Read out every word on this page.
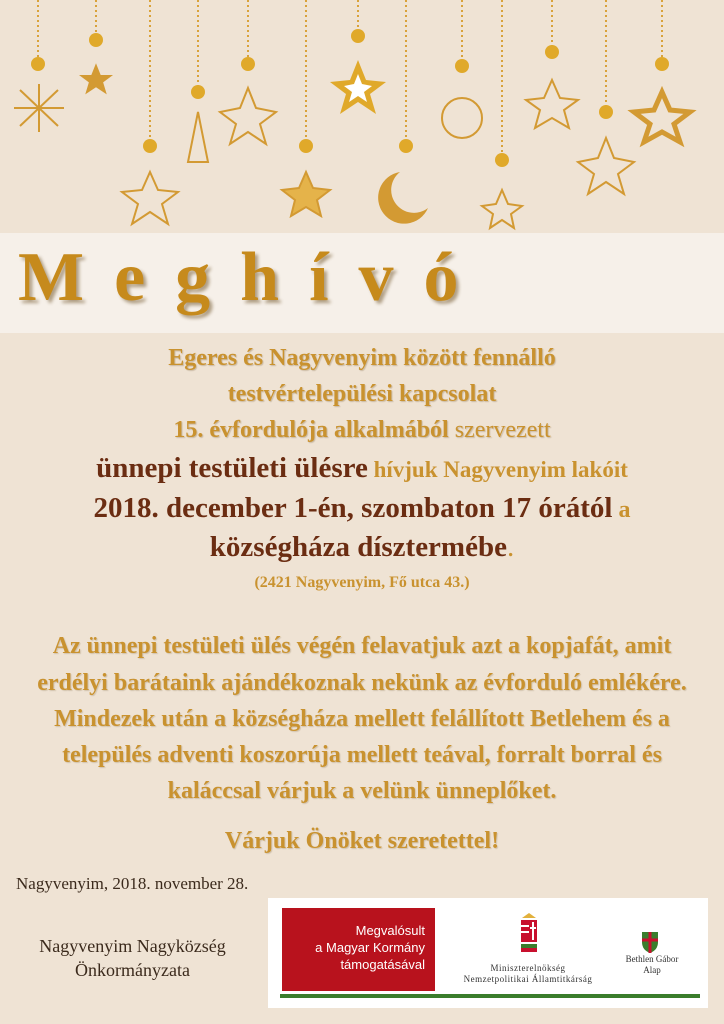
Meghívó
Egeres és Nagyvenyim között fennálló
testvértelepülési kapcsolat
15. évfordulója alkalmából szervezett
ünnepi testületi ülésre hívjuk Nagyvenyim lakóit
2018. december 1-én, szombaton 17 órától a
községháza dísztermébe.
(2421 Nagyvenyim, Fő utca 43.)
Az ünnepi testületi ülés végén felavatjuk azt a kopjafát, amit
erdélyi barátaink ajándékoznak nekünk az évforduló emlékére.
Mindezek után a községháza mellett felállított Betlehem és a
település adventi koszorúja mellett teával, forralt borral és
kaláccsal várjuk a velünk ünneplőket.
Várjuk Önöket szeretettel!
Nagyvenyim, 2018. november 28.
Nagyvenyim Nagyközség
Önkormányzata
Megvalósult
a Magyar Kormány
támogatásával	Miniszterelnökség
Nemzetpolitikai Államtitkárság
Bethlen Gábor
Alap
